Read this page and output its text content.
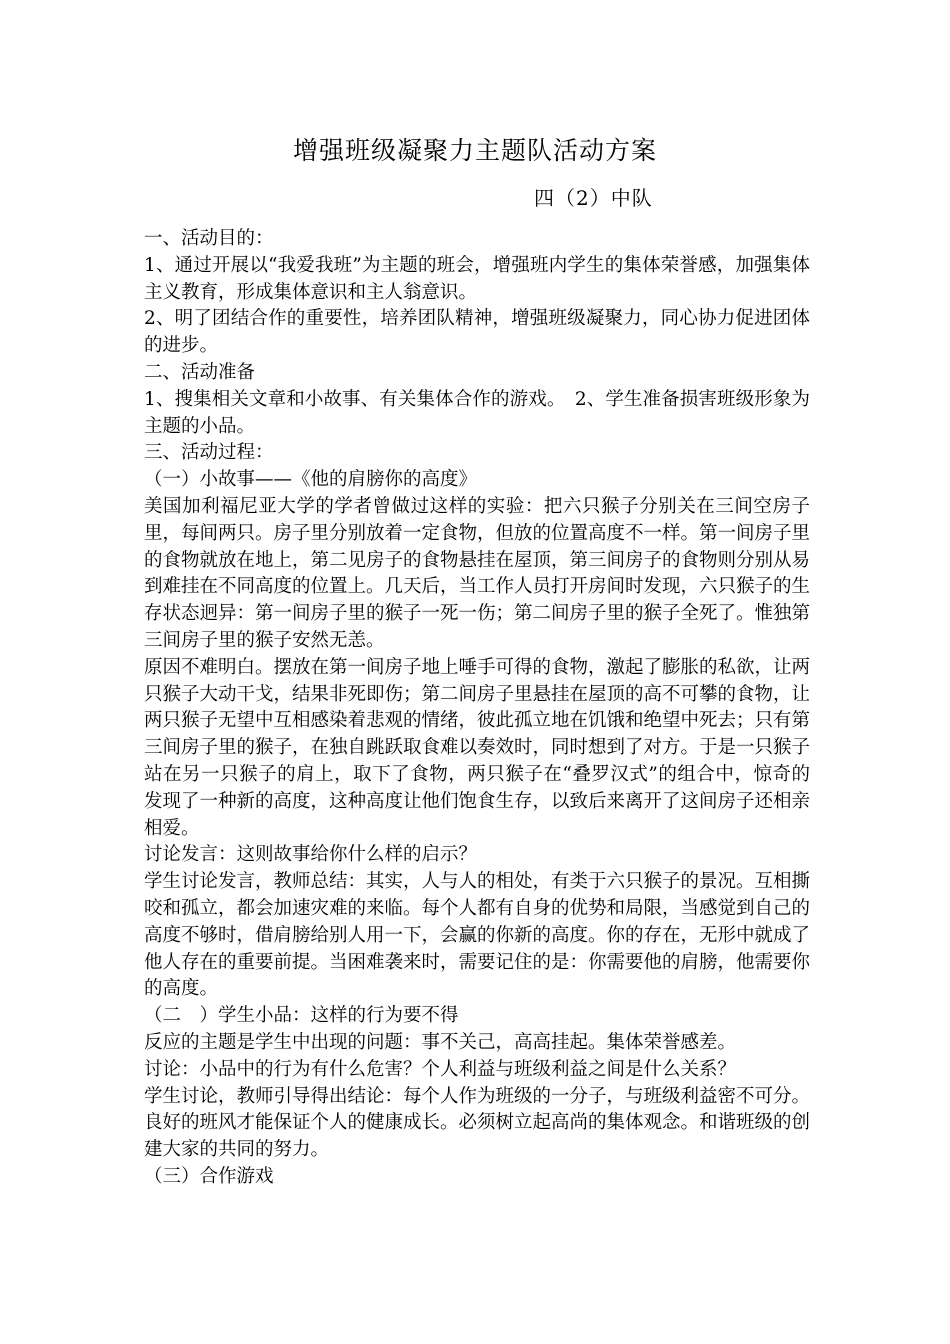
增强班级凝聚力主题队活动方案
四（2）中队

一、活动目的：

1、通过开展以“我爱我班”为主题的班会，增强班内学生的集体荣誉感，加强集体主义教育，形成集体意识和主人翁意识。

2、明了团结合作的重要性，培养团队精神，增强班级凝聚力，同心协力促进团体的进步。

二、活动准备

1、搜集相关文章和小故事、有关集体合作的游戏。　2、学生准备损害班级形象为主题的小品。

三、活动过程：

（一）小故事——《他的肩膀你的高度》

美国加利福尼亚大学的学者曾做过这样的实验：把六只猴子分别关在三间空房子里，每间两只。房子里分别放着一定食物，但放的位置高度不一样。第一间房子里的食物就放在地上，第二见房子的食物悬挂在屋顶，第三间房子的食物则分别从易到难挂在不同高度的位置上。几天后，当工作人员打开房间时发现，六只猴子的生存状态迥异：第一间房子里的猴子一死一伤；第二间房子里的猴子全死了。惟独第三间房子里的猴子安然无恙。

原因不难明白。摆放在第一间房子地上唾手可得的食物，激起了膨胀的私欲，让两只猴子大动干戈，结果非死即伤；第二间房子里悬挂在屋顶的高不可攀的食物，让两只猴子无望中互相感染着悲观的情绪，彼此孤立地在饥饿和绝望中死去；只有第三间房子里的猴子，在独自跳跃取食难以奏效时，同时想到了对方。于是一只猴子站在另一只猴子的肩上，取下了食物，两只猴子在“叠罗汉式”的组合中，惊奇的发现了一种新的高度，这种高度让他们饱食生存，以致后来离开了这间房子还相亲相爱。

讨论发言：这则故事给你什么样的启示？

学生讨论发言，教师总结：其实，人与人的相处，有类于六只猴子的景况。互相撕咬和孤立，都会加速灾难的来临。每个人都有自身的优势和局限，当感觉到自己的高度不够时，借肩膀给别人用一下，会赢的你新的高度。你的存在，无形中就成了他人存在的重要前提。当困难袭来时，需要记住的是：你需要他的肩膀，他需要你的高度。

（二　）学生小品：这样的行为要不得

反应的主题是学生中出现的问题：事不关己，高高挂起。集体荣誉感差。

讨论：小品中的行为有什么危害？个人利益与班级利益之间是什么关系？

学生讨论，教师引导得出结论：每个人作为班级的一分子，与班级利益密不可分。良好的班风才能保证个人的健康成长。必须树立起高尚的集体观念。和谐班级的创建大家的共同的努力。

（三）合作游戏
